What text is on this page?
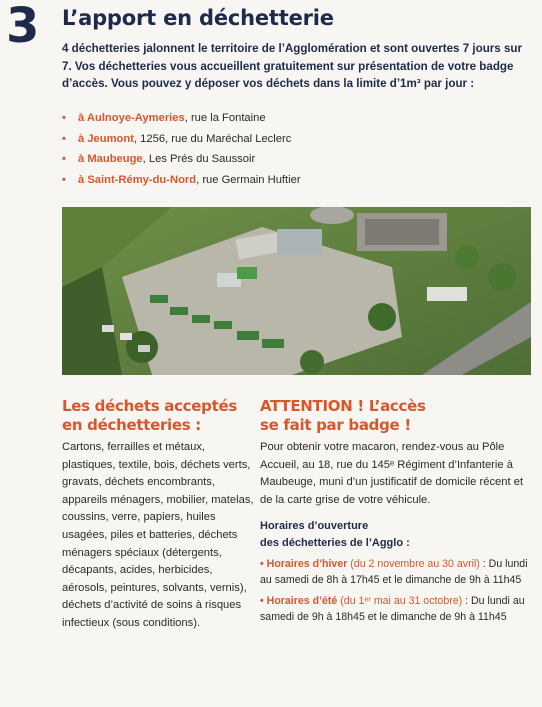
3 L’apport en déchetterie
4 déchetteries jalonnent le territoire de l’Agglomération et sont ouvertes 7 jours sur 7. Vos déchetteries vous accueillent gratuitement sur présentation de votre badge d’accès. Vous pouvez y déposer vos déchets dans la limite d’1m³ par jour :
• à Aulnoye-Aymeries, rue la Fontaine
• à Jeumont, 1256, rue du Maréchal Leclerc
• à Maubeuge, Les Prés du Saussoir
• à Saint-Rémy-du-Nord, rue Germain Huftier
Les déchets acceptés
en déchetteries :

Cartons, ferrailles et métaux, plastiques, textile, bois, déchets verts, gravats, déchets encombrants, appareils ménagers, mobilier, matelas, coussins, verre, papiers, huiles usagées, piles et batteries, déchets ménagers spéciaux (détergents, décapants, acides, herbicides, aérosols, peintures, solvants, vernis), déchets d’activité de soins à risques infectieux (sous conditions).

ATTENTION ! L’accès
se fait par badge !

Pour obtenir votre macaron, rendez-vous au Pôle Accueil, au 18, rue du 145ᵉ Régiment d’Infanterie à Maubeuge, muni d’un justificatif de domicile récent et de la carte grise de votre véhicule.

Horaires d’ouverture
des déchetteries de l’Agglo :
• Horaires d’hiver (du 2 novembre au 30 avril) : Du lundi au samedi de 8h à 17h45 et le dimanche de 9h à 11h45
• Horaires d’été (du 1ᵉʳ mai au 31 octobre) : Du lundi au samedi de 9h à 18h45 et le dimanche de 9h à 11h45
